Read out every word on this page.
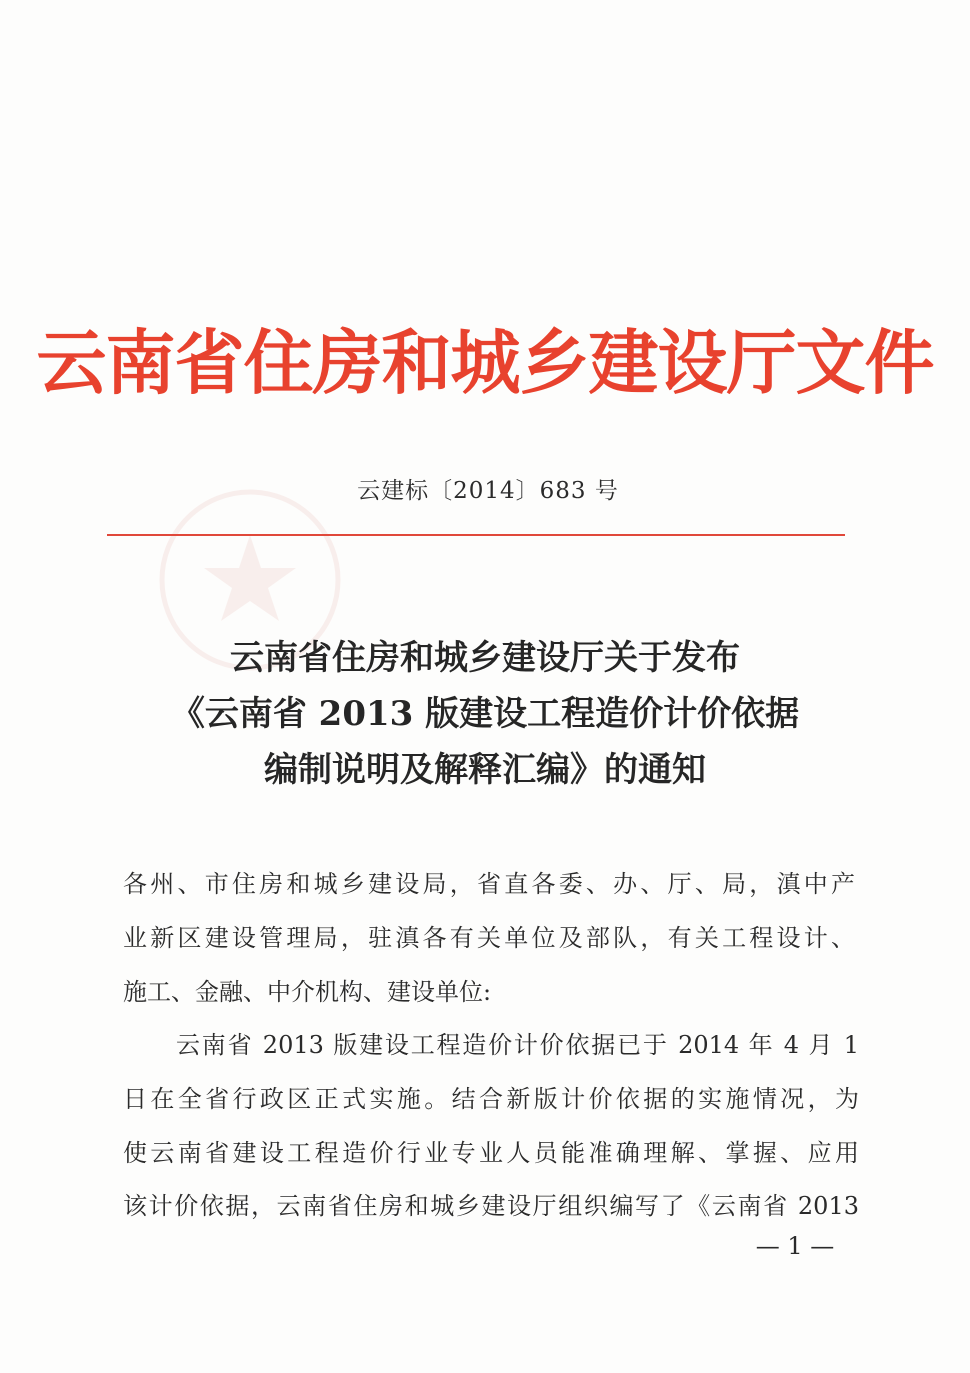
云南省住房和城乡建设厅文件
云建标〔2014〕683 号
云南省住房和城乡建设厅关于发布
《云南省 2013 版建设工程造价计价依据
编制说明及解释汇编》的通知
各州、市住房和城乡建设局，省直各委、办、厅、局，滇中产
业新区建设管理局，驻滇各有关单位及部队，有关工程设计、
施工、金融、中介机构、建设单位:
云南省 2013 版建设工程造价计价依据已于 2014 年 4 月 1
日在全省行政区正式实施。结合新版计价依据的实施情况，为
使云南省建设工程造价行业专业人员能准确理解、掌握、应用
该计价依据，云南省住房和城乡建设厅组织编写了《云南省 2013
— 1 —
